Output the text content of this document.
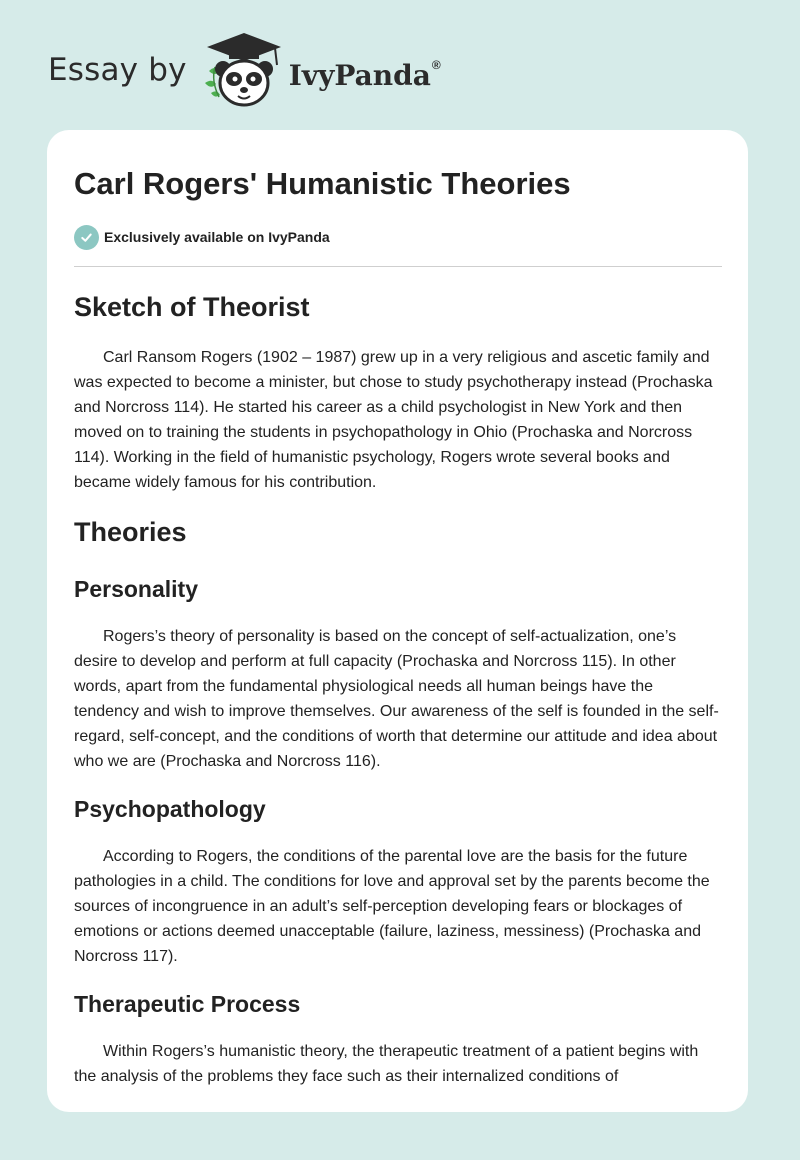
Essay by	IvyPanda®
Carl Rogers' Humanistic Theories
Exclusively available on IvyPanda
Sketch of Theorist

Carl Ransom Rogers (1902 – 1987) grew up in a very religious and ascetic family and was expected to become a minister, but chose to study psychotherapy instead (Prochaska and Norcross 114). He started his career as a child psychologist in New York and then moved on to training the students in psychopathology in Ohio (Prochaska and Norcross 114). Working in the field of humanistic psychology, Rogers wrote several books and became widely famous for his contribution.

Theories
Personality

Rogers’s theory of personality is based on the concept of self-actualization, one’s desire to develop and perform at full capacity (Prochaska and Norcross 115). In other words, apart from the fundamental physiological needs all human beings have the tendency and wish to improve themselves. Our awareness of the self is founded in the self-regard, self-concept, and the conditions of worth that determine our attitude and idea about who we are (Prochaska and Norcross 116).

Psychopathology

According to Rogers, the conditions of the parental love are the basis for the future pathologies in a child. The conditions for love and approval set by the parents become the sources of incongruence in an adult’s self-perception developing fears or blockages of emotions or actions deemed unacceptable (failure, laziness, messiness) (Prochaska and Norcross 117).

Therapeutic Process

Within Rogers’s humanistic theory, the therapeutic treatment of a patient begins with the analysis of the problems they face such as their internalized conditions of
